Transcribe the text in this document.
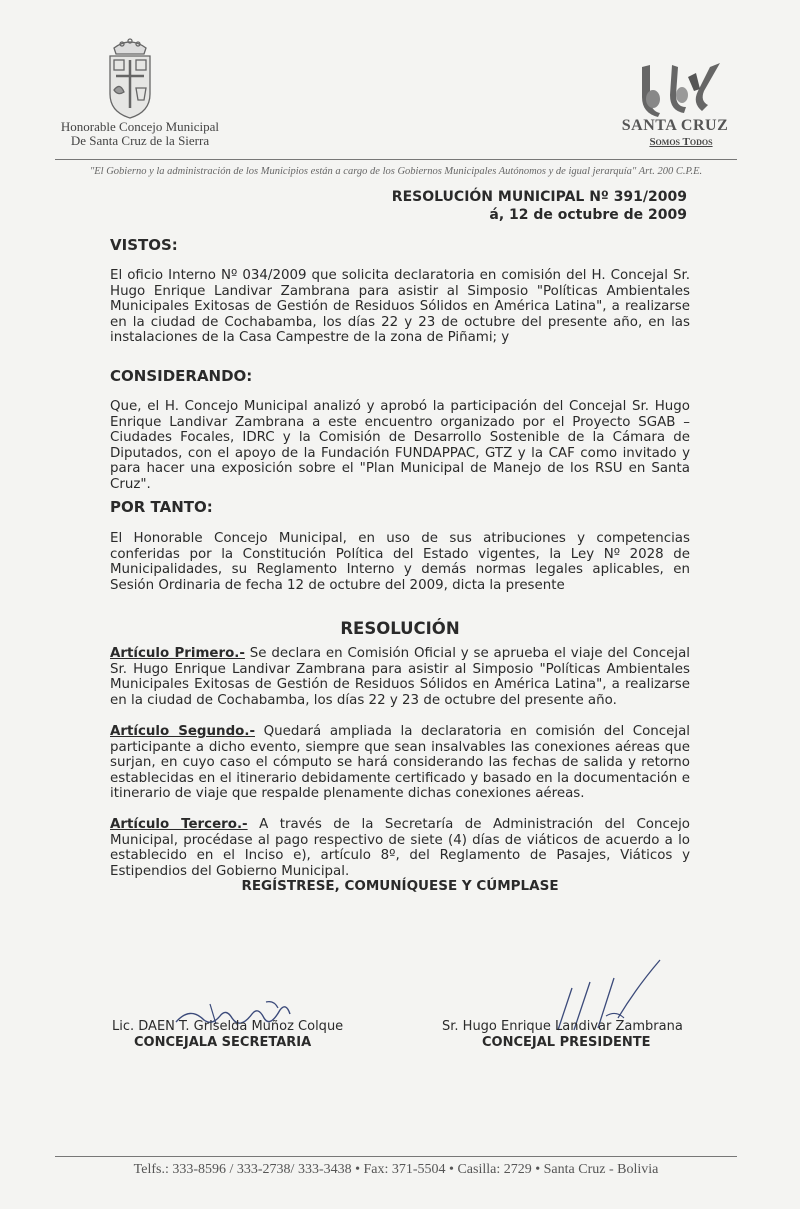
Honorable Concejo Municipal
De Santa Cruz de la Sierra
SANTA CRUZ
Somos Todos
"El Gobierno y la administración de los Municipios están a cargo de los Gobiernos Municipales Autónomos y de igual jerarquía" Art. 200 C.P.E.
RESOLUCIÓN MUNICIPAL Nº 391/2009
á, 12 de octubre de 2009
VISTOS:
El oficio Interno Nº 034/2009 que solicita declaratoria en comisión del H. Concejal Sr. Hugo Enrique Landivar Zambrana para asistir al Simposio "Políticas Ambientales Municipales Exitosas de Gestión de Residuos Sólidos en América Latina", a realizarse en la ciudad de Cochabamba, los días 22 y 23 de octubre del presente año, en las instalaciones de la Casa Campestre de la zona de Piñami; y
CONSIDERANDO:
Que, el H. Concejo Municipal analizó y aprobó la participación del Concejal Sr. Hugo Enrique Landivar Zambrana a este encuentro organizado por el Proyecto SGAB – Ciudades Focales, IDRC y la Comisión de Desarrollo Sostenible de la Cámara de Diputados, con el apoyo de la Fundación FUNDAPPAC, GTZ y la CAF como invitado y para hacer una exposición sobre el "Plan Municipal de Manejo de los RSU en Santa Cruz".
POR TANTO:
El Honorable Concejo Municipal, en uso de sus atribuciones y competencias conferidas por la Constitución Política del Estado vigentes, la Ley Nº 2028 de Municipalidades, su Reglamento Interno y demás normas legales aplicables, en Sesión Ordinaria de fecha 12 de octubre del 2009, dicta la presente
RESOLUCIÓN
Artículo Primero.- Se declara en Comisión Oficial y se aprueba el viaje del Concejal Sr. Hugo Enrique Landivar Zambrana para asistir al Simposio "Políticas Ambientales Municipales Exitosas de Gestión de Residuos Sólidos en América Latina", a realizarse en la ciudad de Cochabamba, los días 22 y 23 de octubre del presente año.
Artículo Segundo.- Quedará ampliada la declaratoria en comisión del Concejal participante a dicho evento, siempre que sean insalvables las conexiones aéreas que surjan, en cuyo caso el cómputo se hará considerando las fechas de salida y retorno establecidas en el itinerario debidamente certificado y basado en la documentación e itinerario de viaje que respalde plenamente dichas conexiones aéreas.
Artículo Tercero.- A través de la Secretaría de Administración del Concejo Municipal, procédase al pago respectivo de siete (4) días de viáticos de acuerdo a lo establecido en el Inciso e), artículo 8º, del Reglamento de Pasajes, Viáticos y Estipendios del Gobierno Municipal.
REGÍSTRESE, COMUNÍQUESE Y CÚMPLASE
Lic. DAEN T. Griselda Muñoz Colque
CONCEJALA SECRETARIA
Sr. Hugo Enrique Landivar Zambrana
CONCEJAL PRESIDENTE
Telfs.: 333-8596 / 333-2738/ 333-3438 • Fax: 371-5504 • Casilla: 2729 • Santa Cruz - Bolivia
